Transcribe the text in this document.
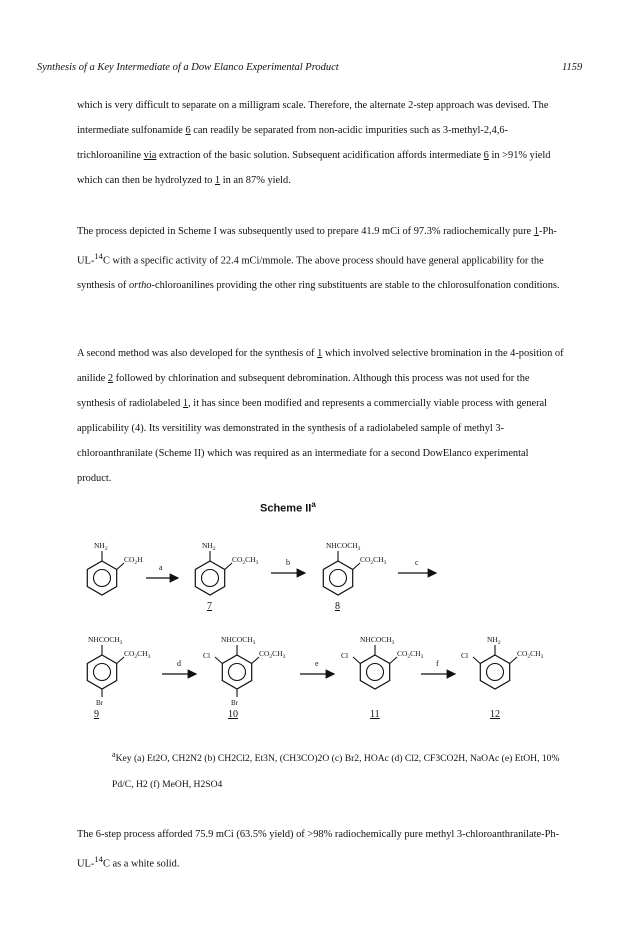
Synthesis of a Key Intermediate of a Dow Elanco Experimental Product	1159

which is very difficult to separate on a milligram scale. Therefore, the alternate 2-step approach was devised. The intermediate sulfonamide 6 can readily be separated from non-acidic impurities such as 3-methyl-2,4,6-trichloroaniline via extraction of the basic solution. Subsequent acidification affords intermediate 6 in >91% yield which can then be hydrolyzed to 1 in an 87% yield.

The process depicted in Scheme I was subsequently used to prepare 41.9 mCi of 97.3% radiochemically pure 1-Ph-UL-$^{14}$C with a specific activity of 22.4 mCi/mmole. The above process should have general applicability for the synthesis of ortho-chloroanilines providing the other ring substituents are stable to the chlorosulfonation conditions.

A second method was also developed for the synthesis of 1 which involved selective bromination in the 4-position of anilide 2 followed by chlorination and subsequent debromination. Although this process was not used for the synthesis of radiolabeled 1, it has since been modified and represents a commercially viable process with general applicability (4). Its versitility was demonstrated in the synthesis of a radiolabeled sample of methyl 3-chloroanthranilate (Scheme II) which was required as an intermediate for a second DowElanco experimental product.

Scheme $II^a$
$NH_2$
$CO_2H$
$NH_2$
$CO_2CH_3$
7
$NHCOCH_3$
$CO_2CH_3$
8
a
b	c
$NHCOCH_3$
$CO_2CH_3$
Br
9
$NHCOCH_3$
$CO_2CH_3$
Cl
Br
10
$NHCOCH_3$
$CO_2CH_3$
Cl
11
$NH_2$
$CO_2CH_3$
Cl
12
d	e	f

$^a$Key (a) Et2O, CH2N2 (b) CH2Cl2, Et3N, (CH3CO)2O (c) Br2, HOAc (d) Cl2, CF3CO2H, NaOAc (e) EtOH, 10% Pd/C, H2 (f) MeOH, H2SO4

The 6-step process afforded 75.9 mCi (63.5% yield) of >98% radiochemically pure methyl 3-chloroanthranilate-Ph-UL-$^{14}$C as a white solid.
